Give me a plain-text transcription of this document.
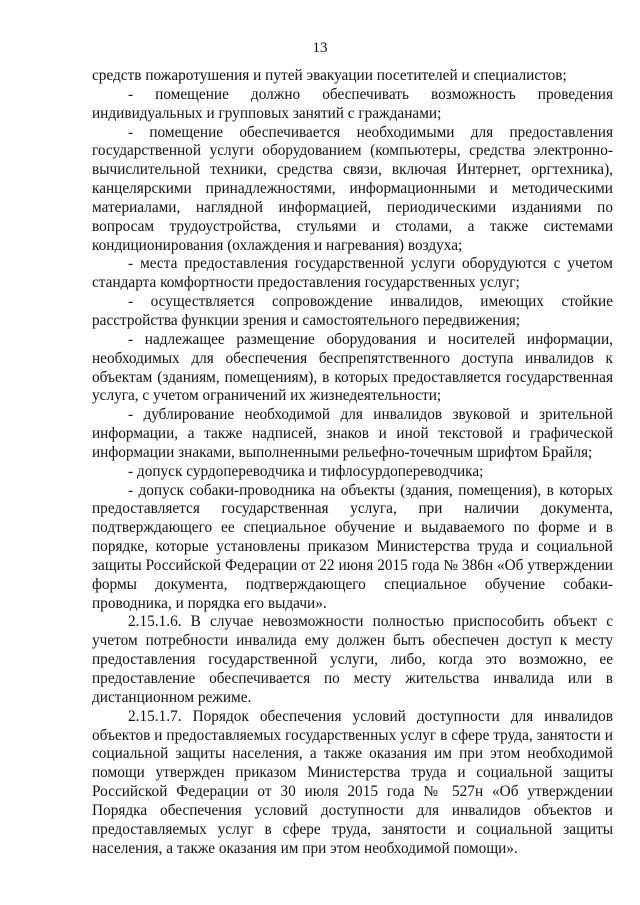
13

средств пожаротушения и путей эвакуации посетителей и специалистов;

- помещение должно обеспечивать возможность проведения индивидуальных и групповых занятий с гражданами;

- помещение обеспечивается необходимыми для предоставления государственной услуги оборудованием (компьютеры, средства электронно-вычислительной техники, средства связи, включая Интернет, оргтехника), канцелярскими принадлежностями, информационными и методическими материалами, наглядной информацией, периодическими изданиями по вопросам трудоустройства, стульями и столами, а также системами кондиционирования (охлаждения и нагревания) воздуха;

- места предоставления государственной услуги оборудуются с учетом стандарта комфортности предоставления государственных услуг;

- осуществляется сопровождение инвалидов, имеющих стойкие расстройства функции зрения и самостоятельного передвижения;

- надлежащее размещение оборудования и носителей информации, необходимых для обеспечения беспрепятственного доступа инвалидов к объектам (зданиям, помещениям), в которых предоставляется государственная услуга, с учетом ограничений их жизнедеятельности;

- дублирование необходимой для инвалидов звуковой и зрительной информации, а также надписей, знаков и иной текстовой и графической информации знаками, выполненными рельефно-точечным шрифтом Брайля;

- допуск сурдопереводчика и тифлосурдопереводчика;

- допуск собаки-проводника на объекты (здания, помещения), в которых предоставляется государственная услуга, при наличии документа, подтверждающего ее специальное обучение и выдаваемого по форме и в порядке, которые установлены приказом Министерства труда и социальной защиты Российской Федерации от 22 июня 2015 года № 386н «Об утверждении формы документа, подтверждающего специальное обучение собаки-проводника, и порядка его выдачи».

2.15.1.6. В случае невозможности полностью приспособить объект с учетом потребности инвалида ему должен быть обеспечен доступ к месту предоставления государственной услуги, либо, когда это возможно, ее предоставление обеспечивается по месту жительства инвалида или в дистанционном режиме.

2.15.1.7. Порядок обеспечения условий доступности для инвалидов объектов и предоставляемых государственных услуг в сфере труда, занятости и социальной защиты населения, а также оказания им при этом необходимой помощи утвержден приказом Министерства труда и социальной защиты Российской Федерации от 30 июля 2015 года № 527н «Об утверждении Порядка обеспечения условий доступности для инвалидов объектов и предоставляемых услуг в сфере труда, занятости и социальной защиты населения, а также оказания им при этом необходимой помощи».
